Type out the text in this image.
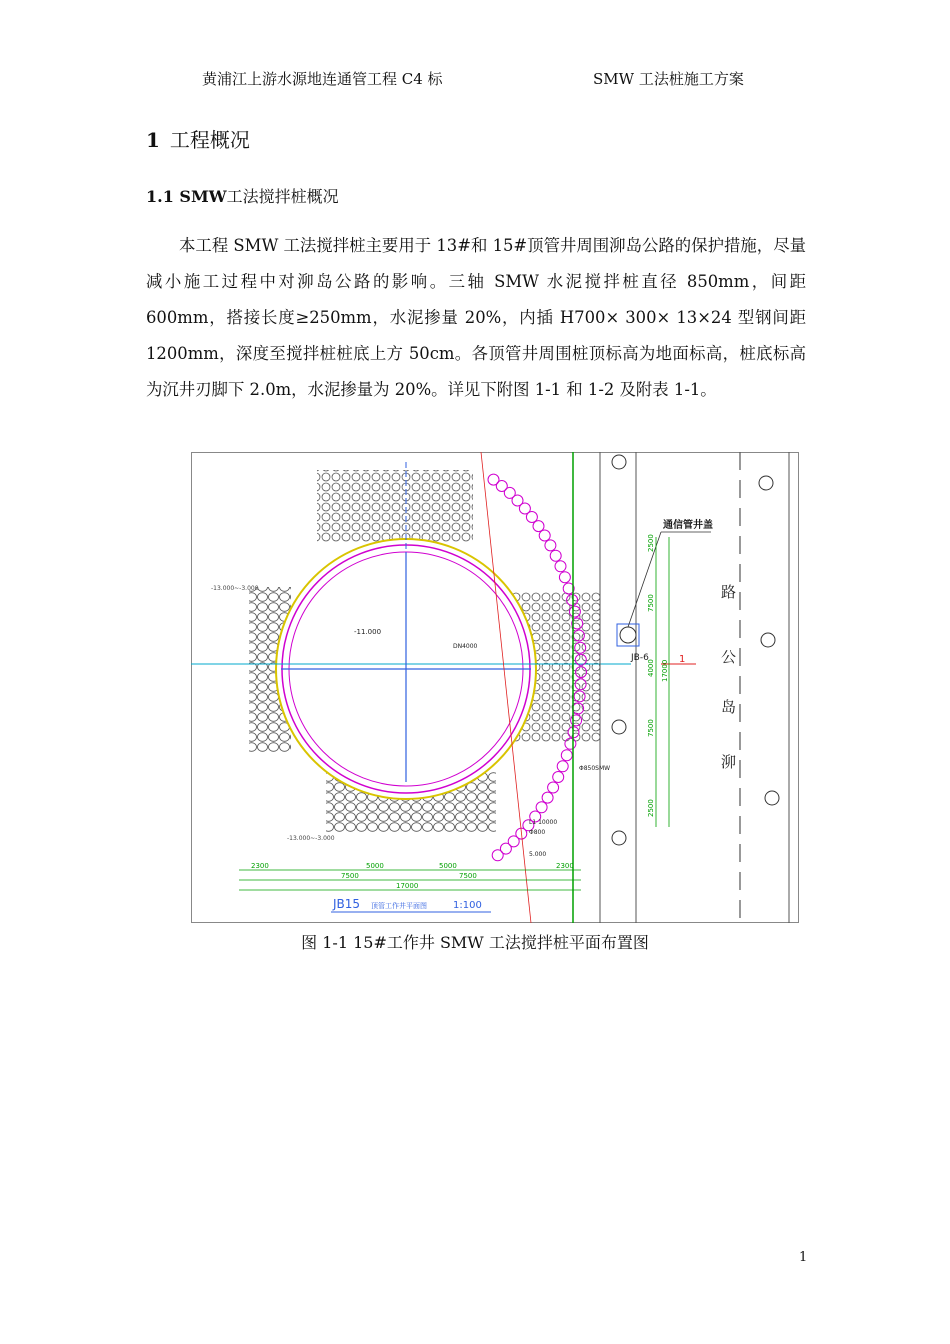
黄浦江上游水源地连通管工程 C4 标	SMW 工法桩施工方案
1 工程概况
1.1 SMW工法搅拌桩概况
本工程 SMW 工法搅拌桩主要用于 13#和 15#顶管井周围泖岛公路的保护措施，尽量减小施工过程中对泖岛公路的影响。三轴 SMW 水泥搅拌桩直径 850mm，间距 600mm，搭接长度≥250mm，水泥掺量 20%，内插 H700× 300× 13×24 型钢间距 1200mm，深度至搅拌桩桩底上方 50cm。各顶管井周围桩顶标高为地面标高，桩底标高为沉井刃脚下 2.0m，水泥掺量为 20%。详见下附图 1-1 和 1-2 及附表 1-1。
通信管井盖
路
公
岛
泖
JB-6	1
2500
7500
4000
7500
2500
17000
2300	5000	5000	2300
7500	7500
17000
-11.000
-13.000~-3.000
-13.000~-3.000
DN4000
Φ850SMW
L1 10000
Φ800
5.000
JB15 顶管工作井平面图	1:100
图 1-1 15#工作井 SMW 工法搅拌桩平面布置图
1
